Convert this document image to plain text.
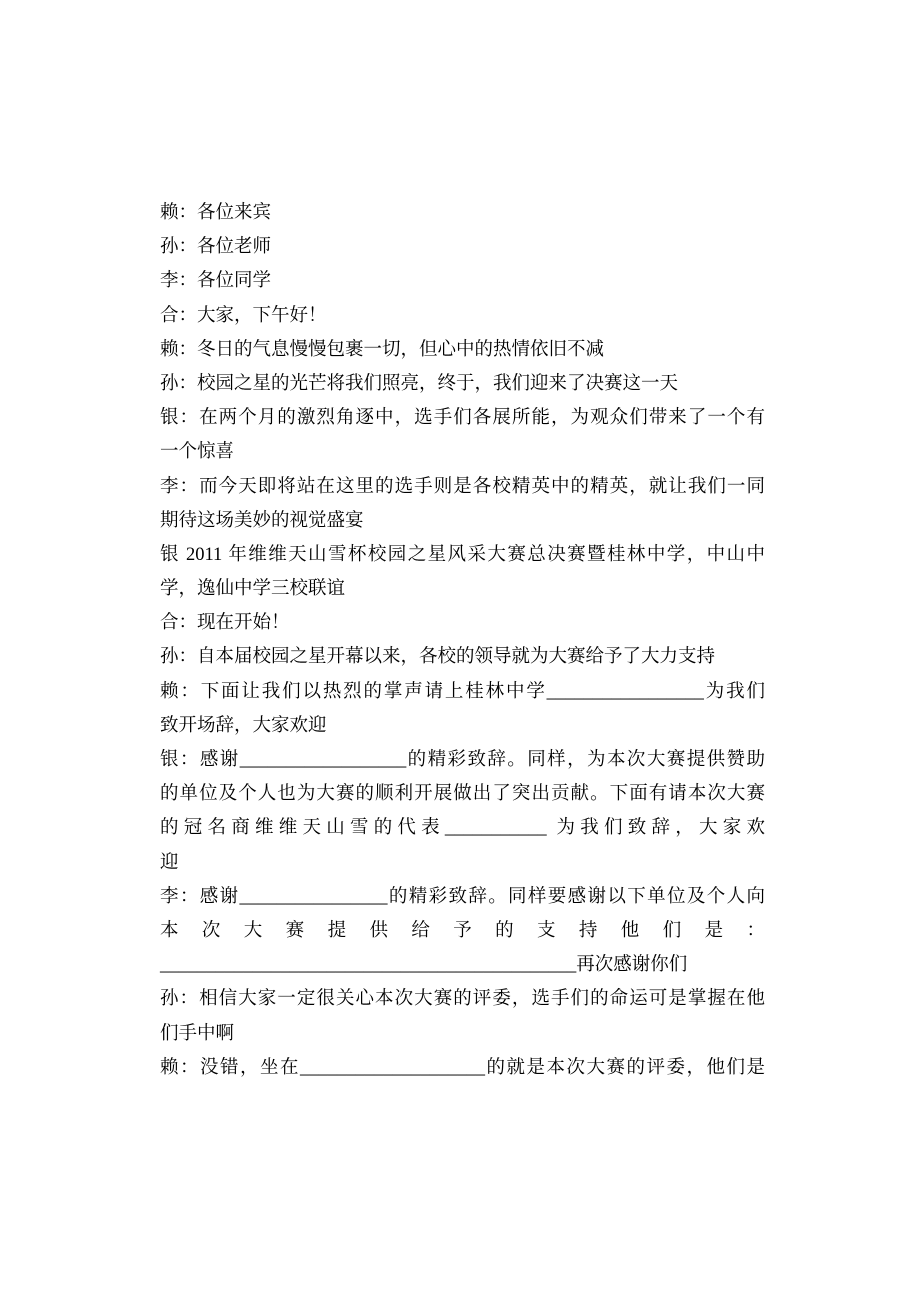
赖：各位来宾
孙：各位老师
李：各位同学
合：大家，下午好！
赖：冬日的气息慢慢包裹一切，但心中的热情依旧不减
孙：校园之星的光芒将我们照亮，终于，我们迎来了决赛这一天
银：在两个月的激烈角逐中，选手们各展所能，为观众们带来了一个有
一个惊喜
李：而今天即将站在这里的选手则是各校精英中的精英，就让我们一同
期待这场美妙的视觉盛宴
银 2011 年维维天山雪杯校园之星风采大赛总决赛暨桂林中学，中山中
学，逸仙中学三校联谊
合：现在开始！
孙：自本届校园之星开幕以来，各校的领导就为大赛给予了大力支持
赖：下面让我们以热烈的掌声请上桂林中学_________________为我们
致开场辞，大家欢迎
银：感谢__________________的精彩致辞。同样，为本次大赛提供赞助
的单位及个人也为大赛的顺利开展做出了突出贡献。下面有请本次大赛
的冠名商维维天山雪的代表___________ 为我们致辞，大家欢
迎
李：感谢________________的精彩致辞。同样要感谢以下单位及个人向
本 次 大 赛 提 供 给 予 的 支 持 他 们 是 ：
_____________________________________________再次感谢你们
孙：相信大家一定很关心本次大赛的评委，选手们的命运可是掌握在他
们手中啊
赖：没错，坐在____________________的就是本次大赛的评委，他们是
